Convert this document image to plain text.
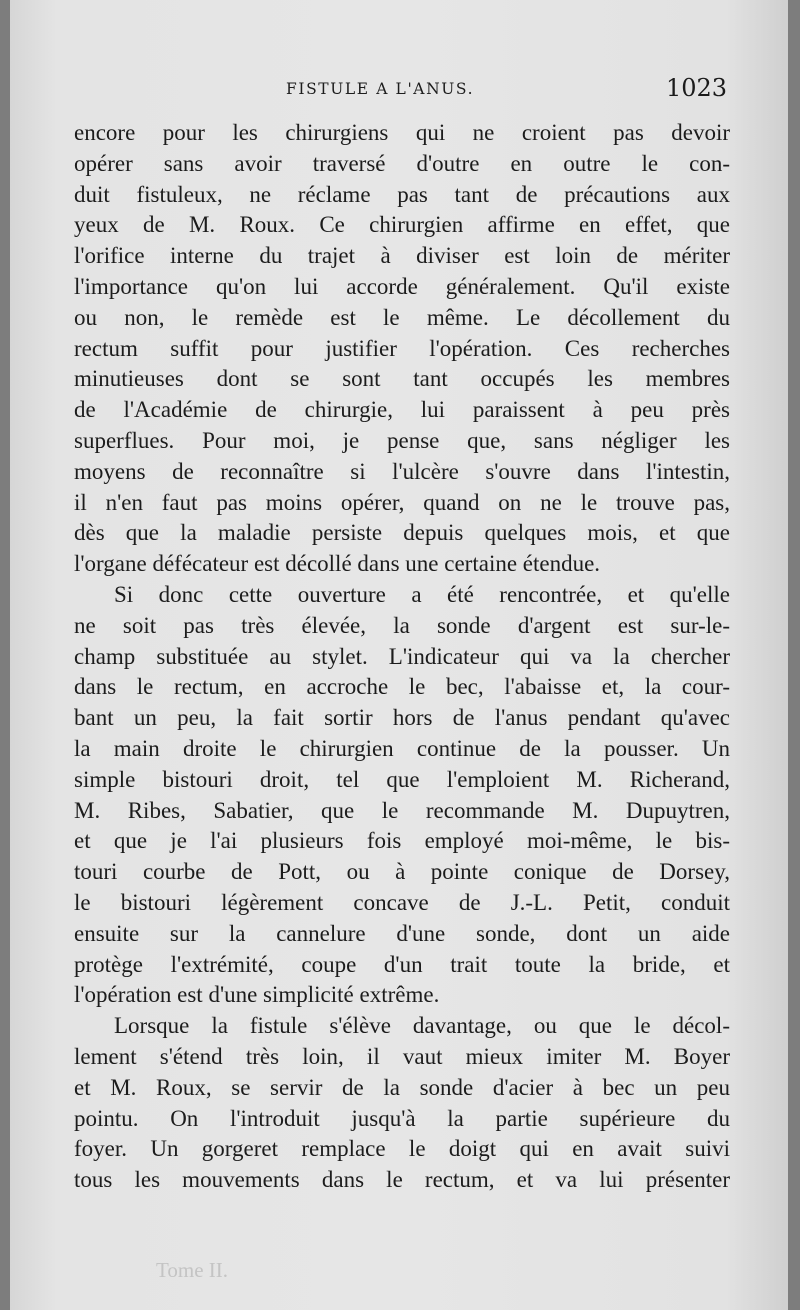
FISTULE A L'ANUS.	1023
encore pour les chirurgiens qui ne croient pas devoir
opérer sans avoir traversé d'outre en outre le con-
duit fistuleux, ne réclame pas tant de précautions aux
yeux de M. Roux. Ce chirurgien affirme en effet, que
l'orifice interne du trajet à diviser est loin de mériter
l'importance qu'on lui accorde généralement. Qu'il existe
ou non, le remède est le même. Le décollement du
rectum suffit pour justifier l'opération. Ces recherches
minutieuses dont se sont tant occupés les membres
de l'Académie de chirurgie, lui paraissent à peu près
superflues. Pour moi, je pense que, sans négliger les
moyens de reconnaître si l'ulcère s'ouvre dans l'intestin,
il n'en faut pas moins opérer, quand on ne le trouve pas,
dès que la maladie persiste depuis quelques mois, et que
l'organe défécateur est décollé dans une certaine étendue.
Si donc cette ouverture a été rencontrée, et qu'elle
ne soit pas très élevée, la sonde d'argent est sur-le-
champ substituée au stylet. L'indicateur qui va la chercher
dans le rectum, en accroche le bec, l'abaisse et, la cour-
bant un peu, la fait sortir hors de l'anus pendant qu'avec
la main droite le chirurgien continue de la pousser. Un
simple bistouri droit, tel que l'emploient M. Richerand,
M. Ribes, Sabatier, que le recommande M. Dupuytren,
et que je l'ai plusieurs fois employé moi-même, le bis-
touri courbe de Pott, ou à pointe conique de Dorsey,
le bistouri légèrement concave de J.-L. Petit, conduit
ensuite sur la cannelure d'une sonde, dont un aide
protège l'extrémité, coupe d'un trait toute la bride, et
l'opération est d'une simplicité extrême.
Lorsque la fistule s'élève davantage, ou que le décol-
lement s'étend très loin, il vaut mieux imiter M. Boyer
et M. Roux, se servir de la sonde d'acier à bec un peu
pointu. On l'introduit jusqu'à la partie supérieure du
foyer. Un gorgeret remplace le doigt qui en avait suivi
tous les mouvements dans le rectum, et va lui présenter
Tome II.
